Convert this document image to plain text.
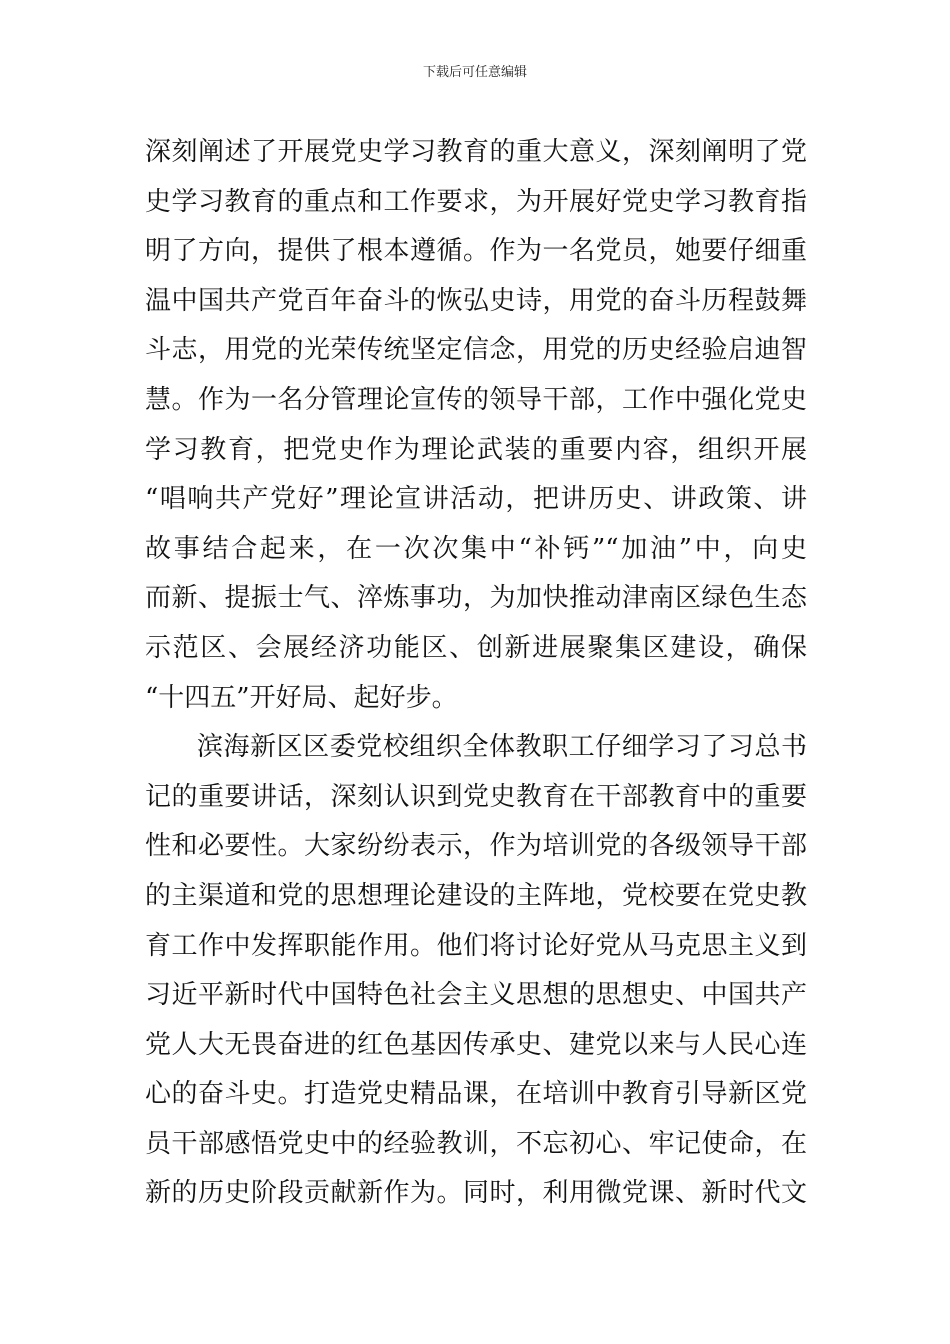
下载后可任意编辑
深刻阐述了开展党史学习教育的重大意义，深刻阐明了党
史学习教育的重点和工作要求，为开展好党史学习教育指
明了方向，提供了根本遵循。作为一名党员，她要仔细重
温中国共产党百年奋斗的恢弘史诗，用党的奋斗历程鼓舞
斗志，用党的光荣传统坚定信念，用党的历史经验启迪智
慧。作为一名分管理论宣传的领导干部，工作中强化党史
学习教育，把党史作为理论武装的重要内容，组织开展
“唱响共产党好”理论宣讲活动，把讲历史、讲政策、讲
故事结合起来，在一次次集中“补钙”“加油”中，向史
而新、提振士气、淬炼事功，为加快推动津南区绿色生态
示范区、会展经济功能区、创新进展聚集区建设，确保
“十四五”开好局、起好步。
滨海新区区委党校组织全体教职工仔细学习了习总书
记的重要讲话，深刻认识到党史教育在干部教育中的重要
性和必要性。大家纷纷表示，作为培训党的各级领导干部
的主渠道和党的思想理论建设的主阵地，党校要在党史教
育工作中发挥职能作用。他们将讨论好党从马克思主义到
习近平新时代中国特色社会主义思想的思想史、中国共产
党人大无畏奋进的红色基因传承史、建党以来与人民心连
心的奋斗史。打造党史精品课，在培训中教育引导新区党
员干部感悟党史中的经验教训，不忘初心、牢记使命，在
新的历史阶段贡献新作为。同时，利用微党课、新时代文
